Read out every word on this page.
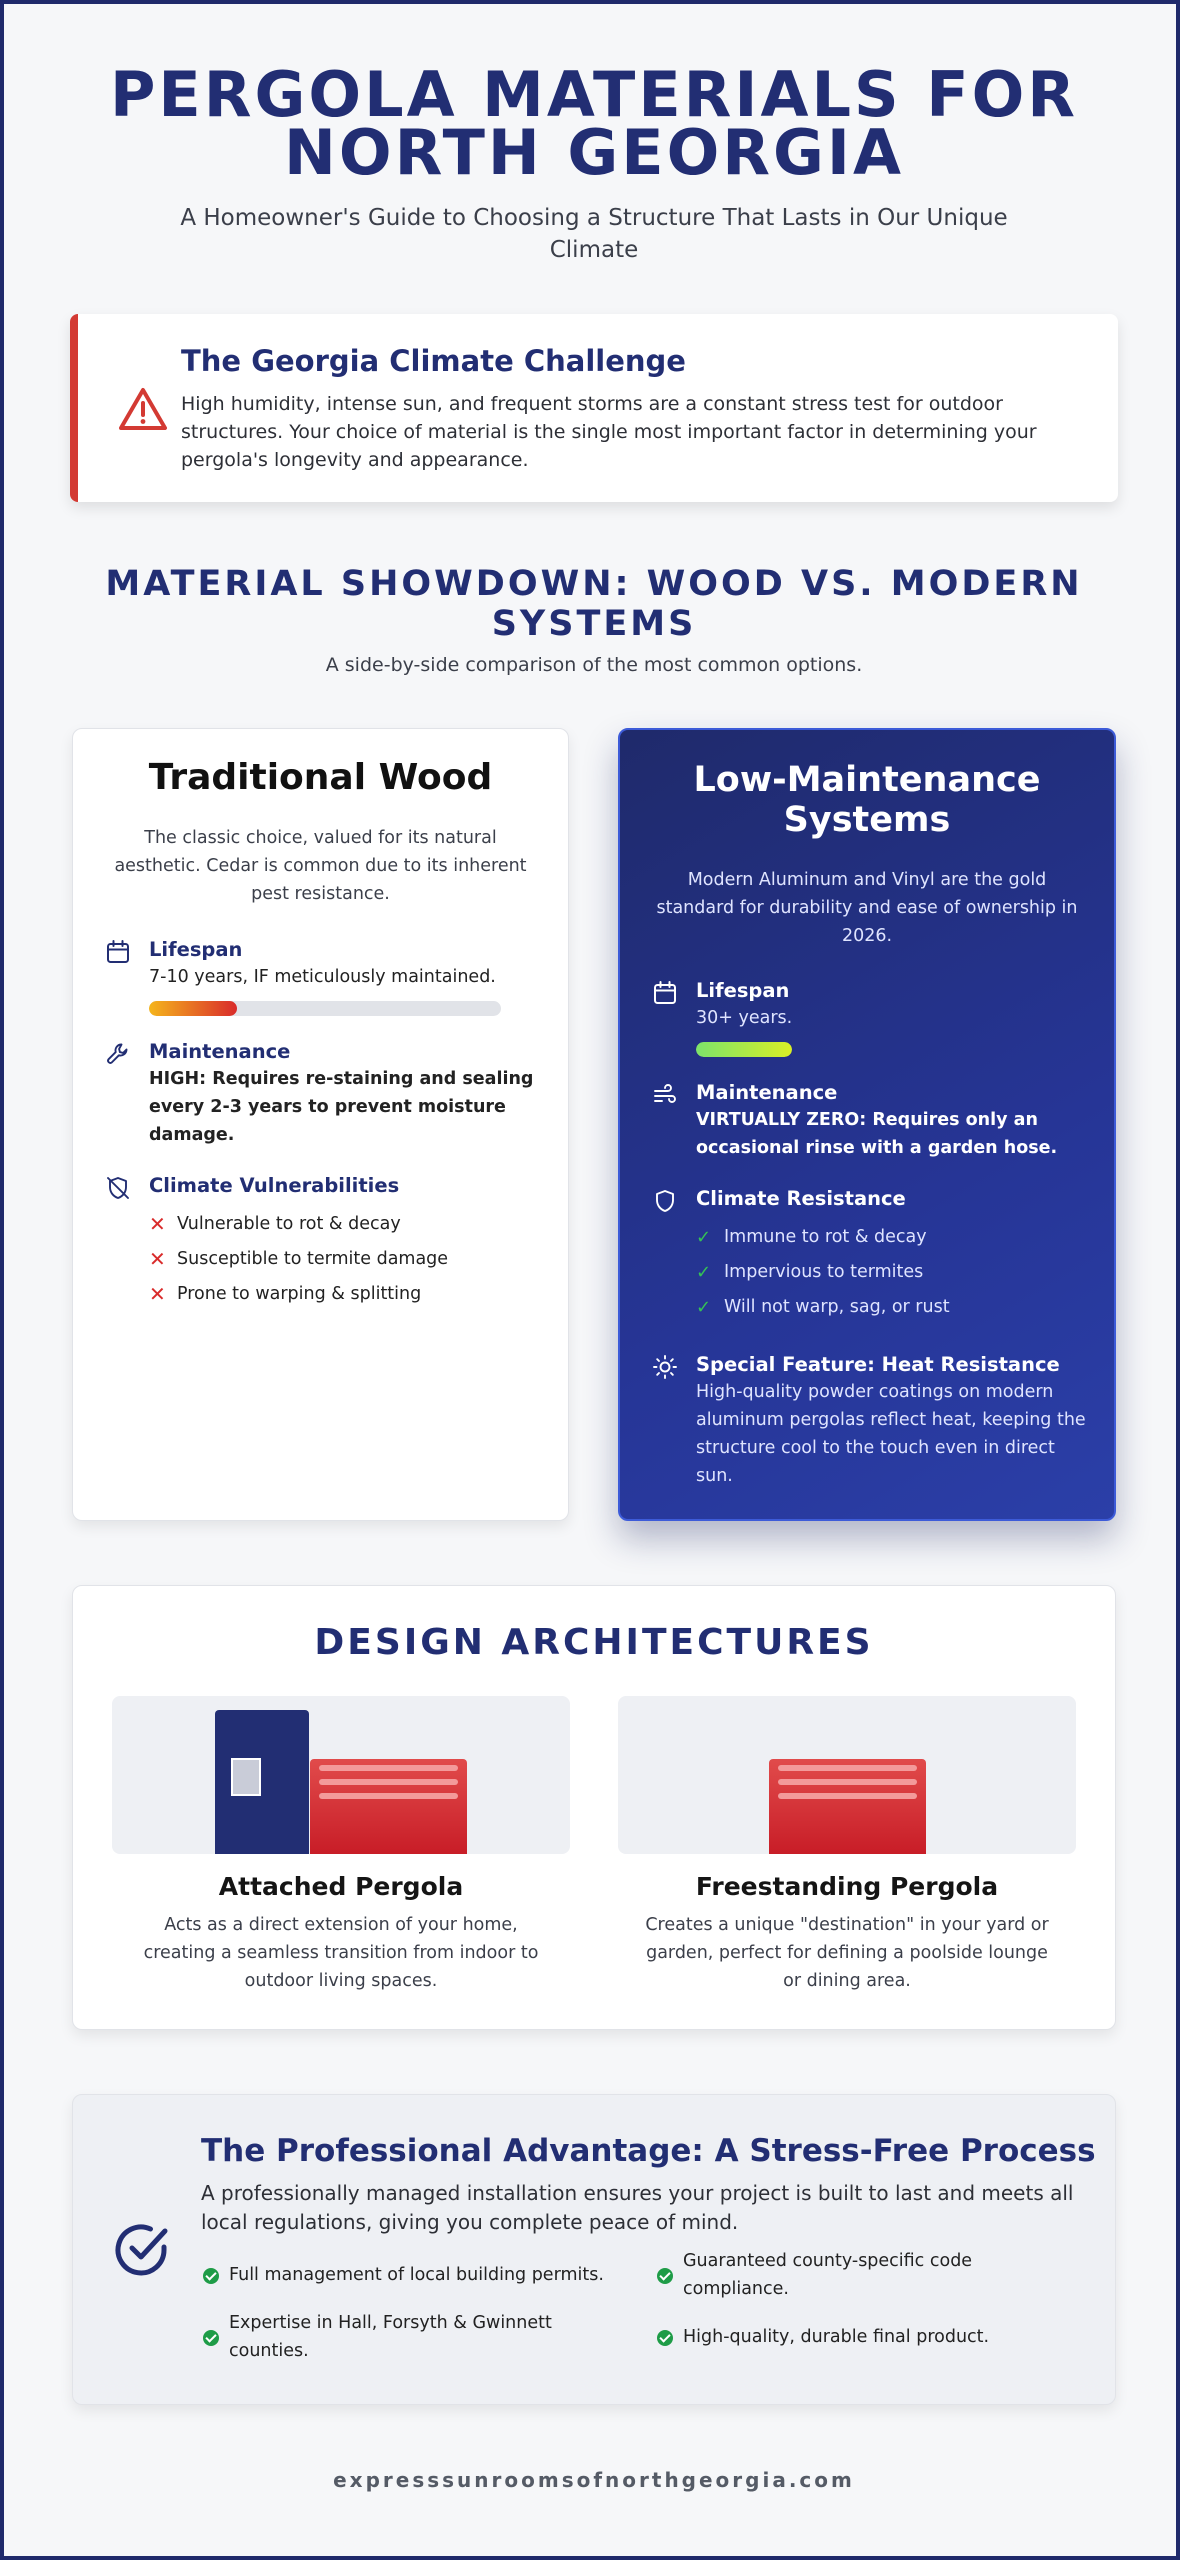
PERGOLA MATERIALS FOR
NORTH GEORGIA

A Homeowner's Guide to Choosing a Structure That Lasts in Our Unique Climate

The Georgia Climate Challenge

High humidity, intense sun, and frequent storms are a constant stress test for outdoor structures. Your choice of material is the single most important factor in determining your pergola's longevity and appearance.

MATERIAL SHOWDOWN: WOOD VS. MODERN SYSTEMS
A side-by-side comparison of the most common options.
Traditional Wood

The classic choice, valued for its natural aesthetic. Cedar is common due to its inherent pest resistance.

Lifespan
7-10 years, IF meticulously maintained.
Maintenance
HIGH: Requires re-staining and sealing every 2-3 years to prevent moisture damage.
Climate Vulnerabilities
✕ Vulnerable to rot & decay
✕ Susceptible to termite damage
✕ Prone to warping & splitting
Low-Maintenance Systems

Modern Aluminum and Vinyl are the gold standard for durability and ease of ownership in 2026.

Lifespan
30+ years.
Maintenance
VIRTUALLY ZERO: Requires only an occasional rinse with a garden hose.
Climate Resistance
✓ Immune to rot & decay
✓ Impervious to termites
✓ Will not warp, sag, or rust
Special Feature: Heat Resistance
High-quality powder coatings on modern aluminum pergolas reflect heat, keeping the structure cool to the touch even in direct sun.
DESIGN ARCHITECTURES
Attached Pergola

Acts as a direct extension of your home, creating a seamless transition from indoor to outdoor living spaces.

Freestanding Pergola

Creates a unique "destination" in your yard or garden, perfect for defining a poolside lounge or dining area.

The Professional Advantage: A Stress-Free Process

A professionally managed installation ensures your project is built to last and meets all local regulations, giving you complete peace of mind.

Full management of local building permits.
Guaranteed county-specific code compliance.
Expertise in Hall, Forsyth & Gwinnett counties.
High-quality, durable final product.
expresssunroomsofnorthgeorgia.com
